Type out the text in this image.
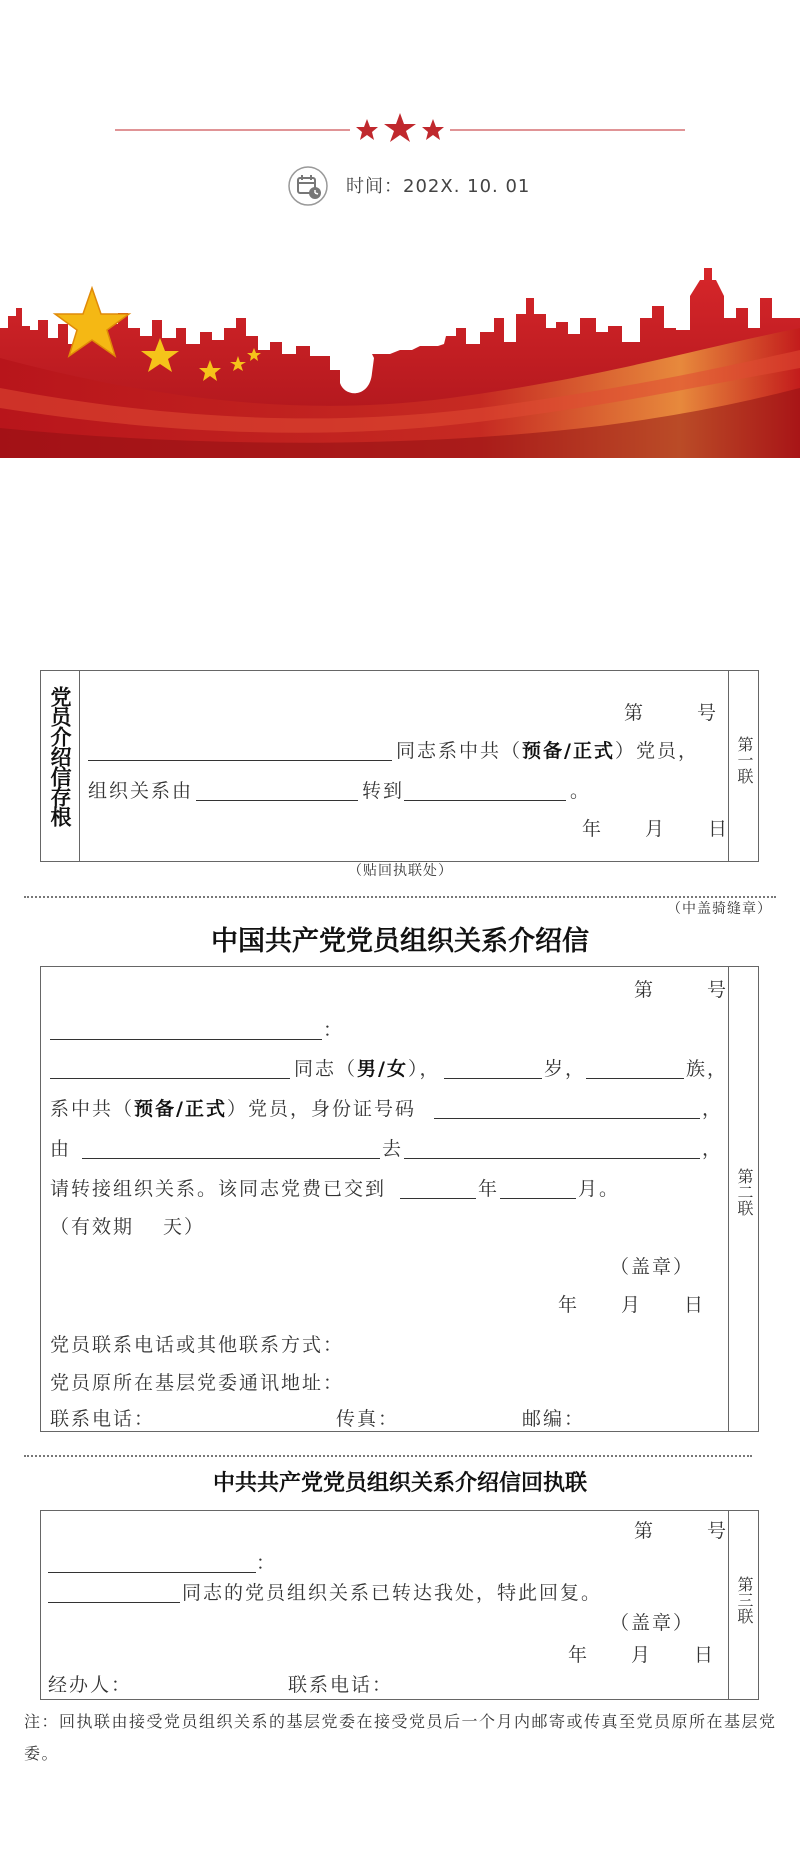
时间：202X. 10. 01
党员介绍信存根	第	号
同志系中共（预备/正式）党员，
组织关系由	转到	。
年　　月　　日
第一联
（贴回执联处）
（中盖骑缝章）
中国共产党党员组织关系介绍信
第二联
第	号
：
同志（男/女），	岁，	族，
系中共（预备/正式）党员，身份证号码	，
由	去	，
请转接组织关系。该同志党费已交到	年	月。
（有效期　 天）
（盖章）
年　　月　　日
党员联系电话或其他联系方式：
党员原所在基层党委通讯地址：
联系电话：	传真：	邮编：
中共共产党党员组织关系介绍信回执联
第三联
第	号
：
同志的党员组织关系已转达我处，特此回复。
（盖章）
年　　月　　日
经办人：	联系电话：
注：回执联由接受党员组织关系的基层党委在接受党员后一个月内邮寄或传真至党员原所在基层党委。
